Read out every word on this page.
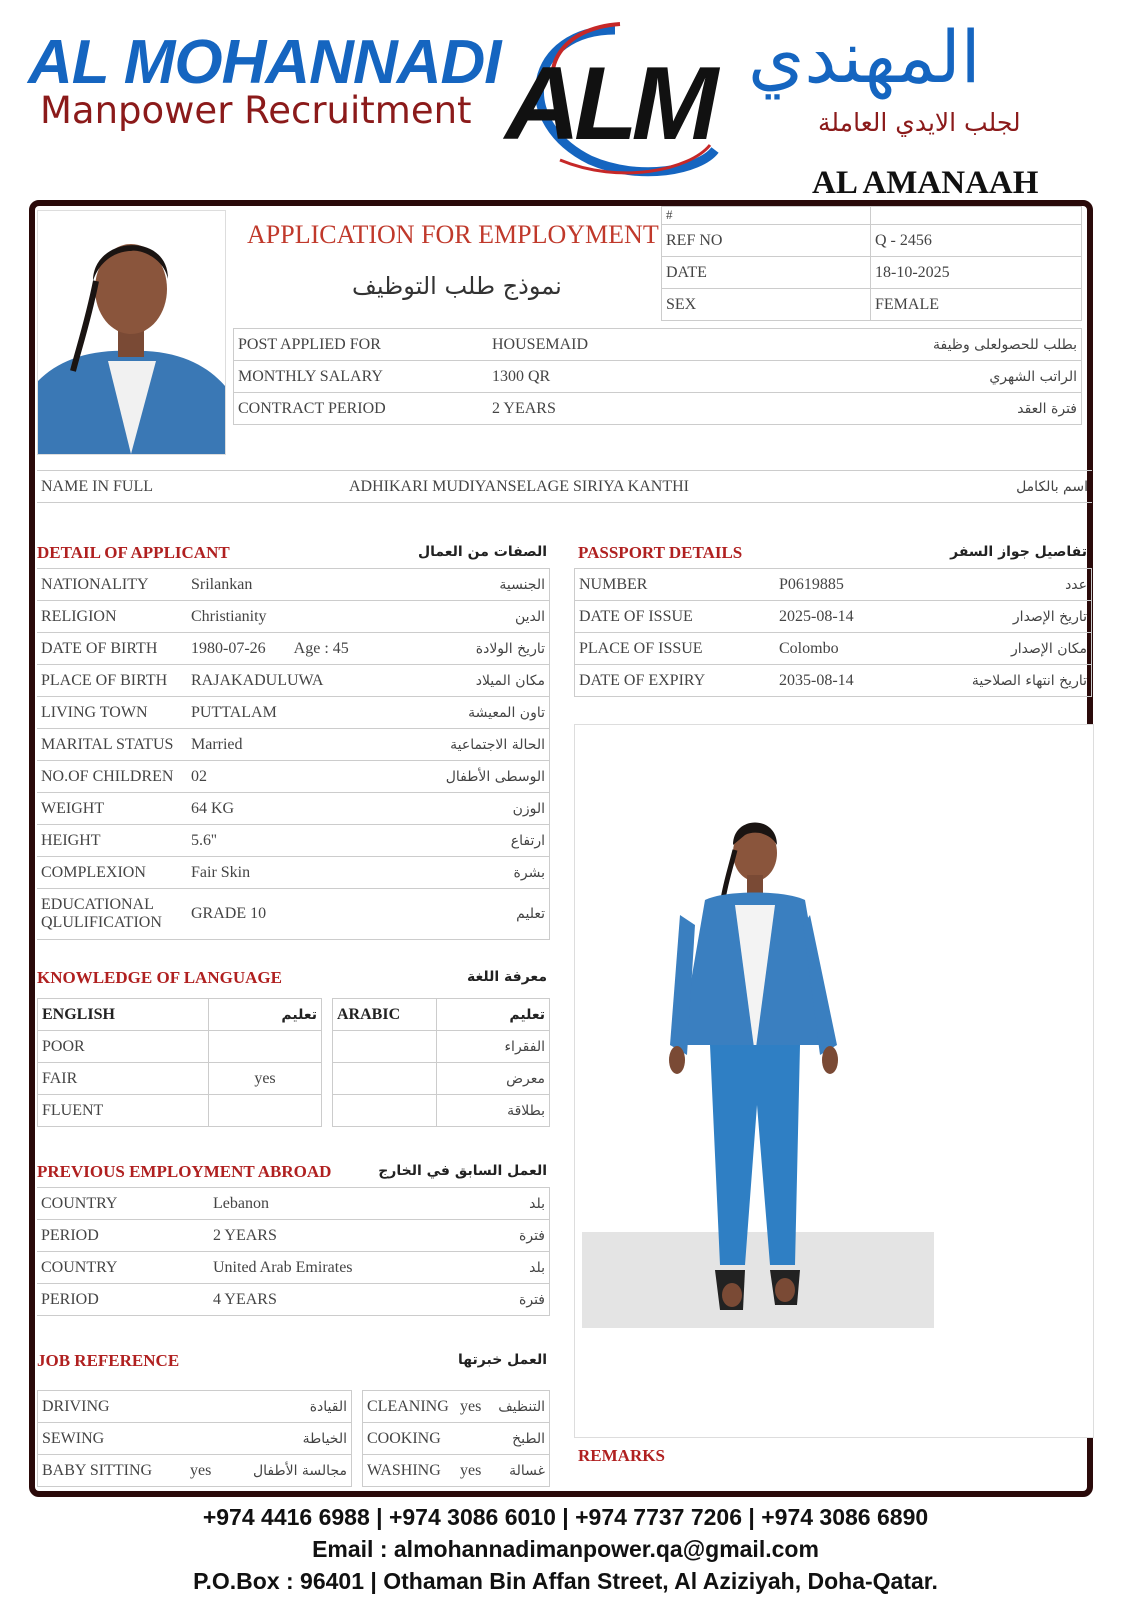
AL MOHANNADI
Manpower Recruitment ALM المهندي
لجلب الايدي العاملة
AL AMANAAH
APPLICATION FOR EMPLOYMENT
نموذج طلب التوظيف
#	
REF NO	Q - 2456
DATE	18-10-2025
SEX	FEMALE
POST APPLIED FOR	HOUSEMAID	بطلب للحصولعلى وظيفة
MONTHLY SALARY	1300 QR	الراتب الشهري
CONTRACT PERIOD	2 YEARS	فترة العقد
NAME IN FULL	ADHIKARI MUDIYANSELAGE SIRIYA KANTHI	اسم بالكامل
DETAIL OF APPLICANT	الصفات من العمال
NATIONALITY	Srilankan	الجنسية
RELIGION	Christianity	الدين
DATE OF BIRTH	1980-07-26 Age : 45	تاريخ الولادة
PLACE OF BIRTH	RAJAKADULUWA	مكان الميلاد
LIVING TOWN	PUTTALAM	تاون المعيشة
MARITAL STATUS	Married	الحالة الاجتماعية
NO.OF CHILDREN	02	الوسطى الأطفال
WEIGHT	64 KG	الوزن
HEIGHT	5.6''	ارتفاع
COMPLEXION	Fair Skin	بشرة
EDUCATIONAL QLULIFICATION	GRADE 10	تعليم
PASSPORT DETAILS	تفاصيل جواز السفر
NUMBER	P0619885	عدد
DATE OF ISSUE	2025-08-14	تاريخ الإصدار
PLACE OF ISSUE	Colombo	مكان الإصدار
DATE OF EXPIRY	2035-08-14	تاريخ انتهاء الصلاحية
KNOWLEDGE OF LANGUAGE	معرفة اللغة
ENGLISH	تعليم
POOR	
FAIR	yes
FLUENT	
ARABIC	تعليم
	الفقراء
	معرض
	بطلاقة
PREVIOUS EMPLOYMENT ABROAD	العمل السابق في الخارج
COUNTRY	Lebanon	بلد
PERIOD	2 YEARS	فترة
COUNTRY	United Arab Emirates	بلد
PERIOD	4 YEARS	فترة
JOB REFERENCE	العمل خبرتها
DRIVING		القيادة
SEWING		الخياطة
BABY SITTING	yes	مجالسة الأطفال
CLEANING	yes	التنظيف
COOKING		الطبخ
WASHING	yes	غسالة
REMARKS
+974 4416 6988 | +974 3086 6010 | +974 7737 7206 | +974 3086 6890
Email : almohannadimanpower.qa@gmail.com
P.O.Box : 96401 | Othaman Bin Affan Street, Al Aziziyah, Doha-Qatar.
